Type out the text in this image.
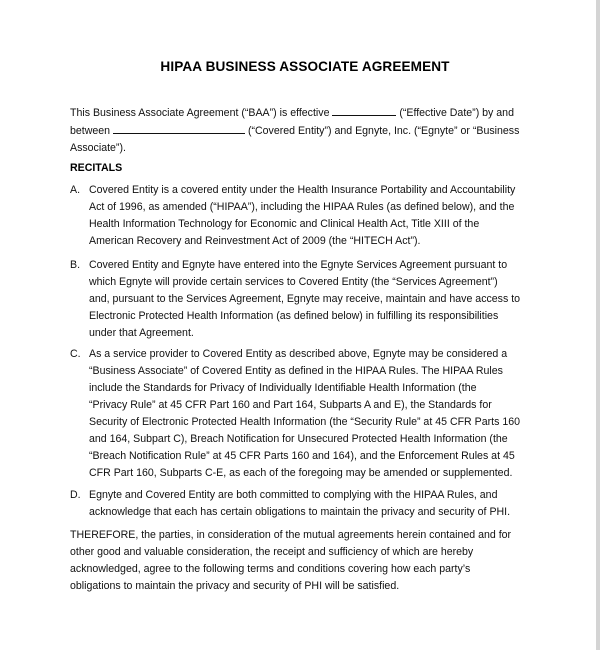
HIPAA BUSINESS ASSOCIATE AGREEMENT
This Business Associate Agreement (“BAA”) is effective	(“Effective Date”) by and
between	(“Covered Entity”) and Egnyte, Inc. (“Egnyte” or “Business
Associate”).
RECITALS
A. Covered Entity is a covered entity under the Health Insurance Portability and Accountability
Act of 1996, as amended (“HIPAA”), including the HIPAA Rules (as defined below), and the
Health Information Technology for Economic and Clinical Health Act, Title XIII of the
American Recovery and Reinvestment Act of 2009 (the “HITECH Act”).
B. Covered Entity and Egnyte have entered into the Egnyte Services Agreement pursuant to
which Egnyte will provide certain services to Covered Entity (the “Services Agreement”)
and, pursuant to the Services Agreement, Egnyte may receive, maintain and have access to
Electronic Protected Health Information (as defined below) in fulfilling its responsibilities
under that Agreement.
C. As a service provider to Covered Entity as described above, Egnyte may be considered a
“Business Associate” of Covered Entity as defined in the HIPAA Rules. The HIPAA Rules
include the Standards for Privacy of Individually Identifiable Health Information (the
“Privacy Rule” at 45 CFR Part 160 and Part 164, Subparts A and E), the Standards for
Security of Electronic Protected Health Information (the “Security Rule” at 45 CFR Parts 160
and 164, Subpart C), Breach Notification for Unsecured Protected Health Information (the
“Breach Notification Rule” at 45 CFR Parts 160 and 164), and the Enforcement Rules at 45
CFR Part 160, Subparts C-E, as each of the foregoing may be amended or supplemented.
D. Egnyte and Covered Entity are both committed to complying with the HIPAA Rules, and
acknowledge that each has certain obligations to maintain the privacy and security of PHI.
THEREFORE, the parties, in consideration of the mutual agreements herein contained and for
other good and valuable consideration, the receipt and sufficiency of which are hereby
acknowledged, agree to the following terms and conditions covering how each party’s
obligations to maintain the privacy and security of PHI will be satisfied.
